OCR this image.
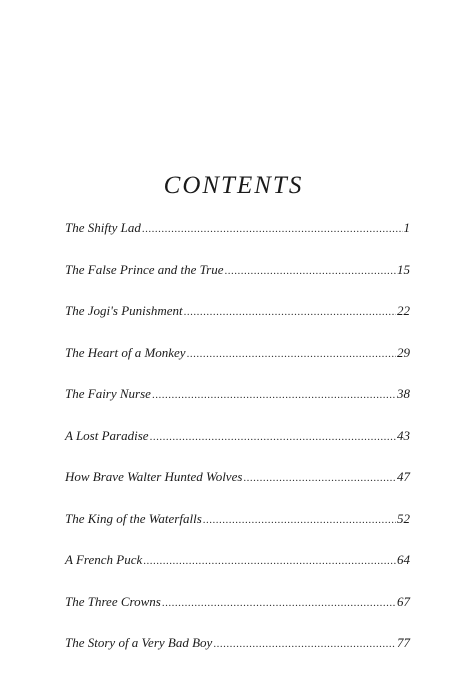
CONTENTS
The Shifty Lad .....	1
The False Prince and the True .....	15
The Jogi's Punishment .....	22
The Heart of a Monkey .....	29
The Fairy Nurse .....	38
A Lost Paradise .....	43
How Brave Walter Hunted Wolves .....	47
The King of the Waterfalls .....	52
A French Puck .....	64
The Three Crowns .....	67
The Story of a Very Bad Boy .....	77
